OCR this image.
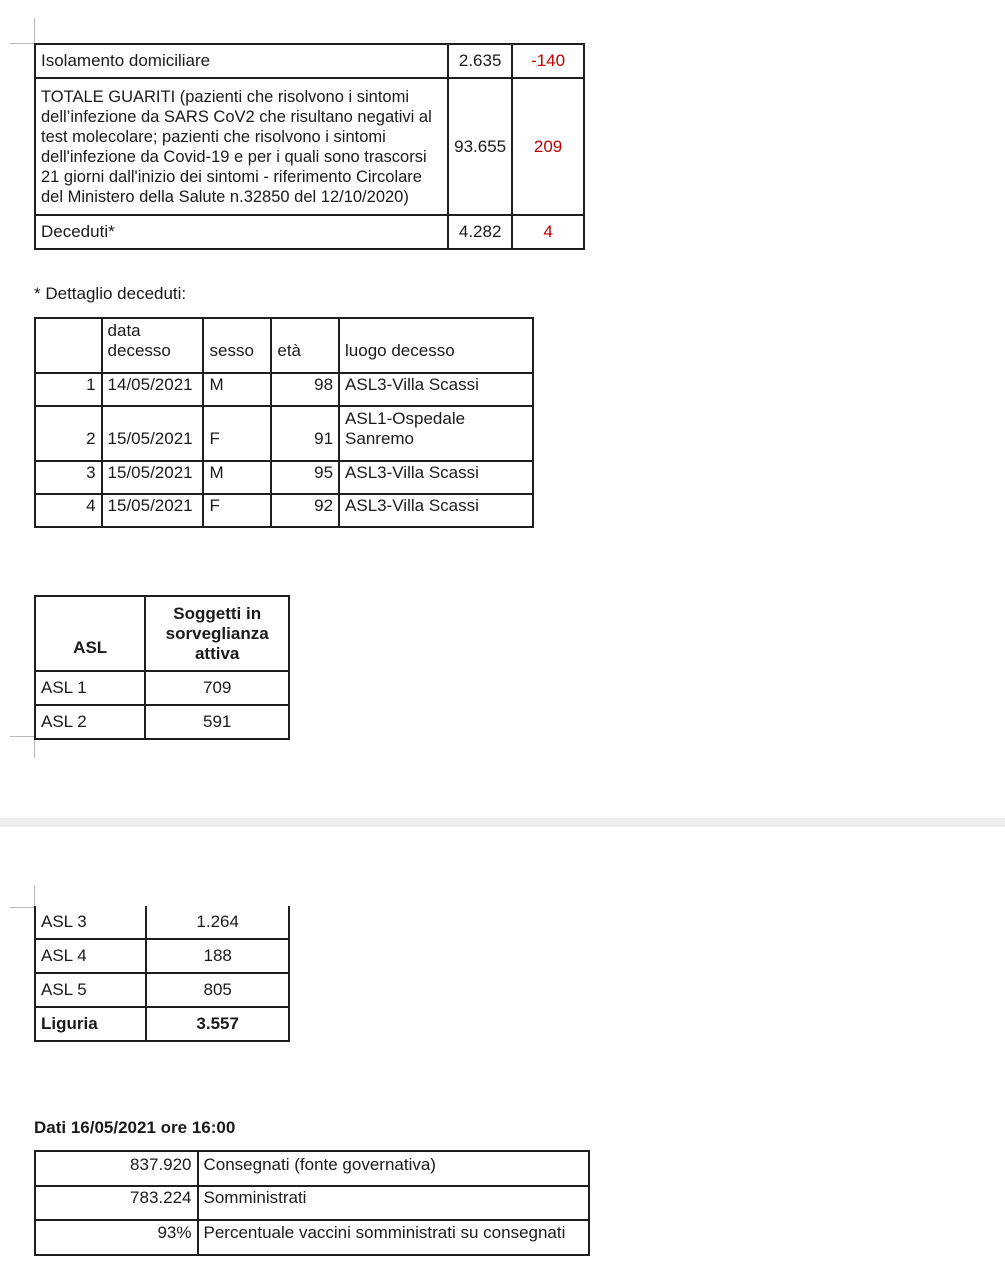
Isolamento domiciliare	2.635	-140
TOTALE GUARITI (pazienti che risolvono i sintomi dell’infezione da SARS CoV2 che risultano negativi al test molecolare; pazienti che risolvono i sintomi dell'infezione da Covid-19 e per i quali sono trascorsi 21 giorni dall'inizio dei sintomi - riferimento Circolare del Ministero della Salute n.32850 del 12/10/2020)	93.655	209
Deceduti*	4.282	4
* Dettaglio deceduti:
	data decesso	sesso	età	luogo decesso
1	14/05/2021	M	98	ASL3-Villa Scassi
2	15/05/2021	F	91	ASL1-Ospedale Sanremo
3	15/05/2021	M	95	ASL3-Villa Scassi
4	15/05/2021	F	92	ASL3-Villa Scassi
ASL	Soggetti in sorveglianza attiva
ASL 1	709
ASL 2	591
ASL 3	1.264
ASL 4	188
ASL 5	805
Liguria	3.557
Dati 16/05/2021 ore 16:00
837.920	Consegnati (fonte governativa)
783.224	Somministrati
93%	Percentuale vaccini somministrati su consegnati
